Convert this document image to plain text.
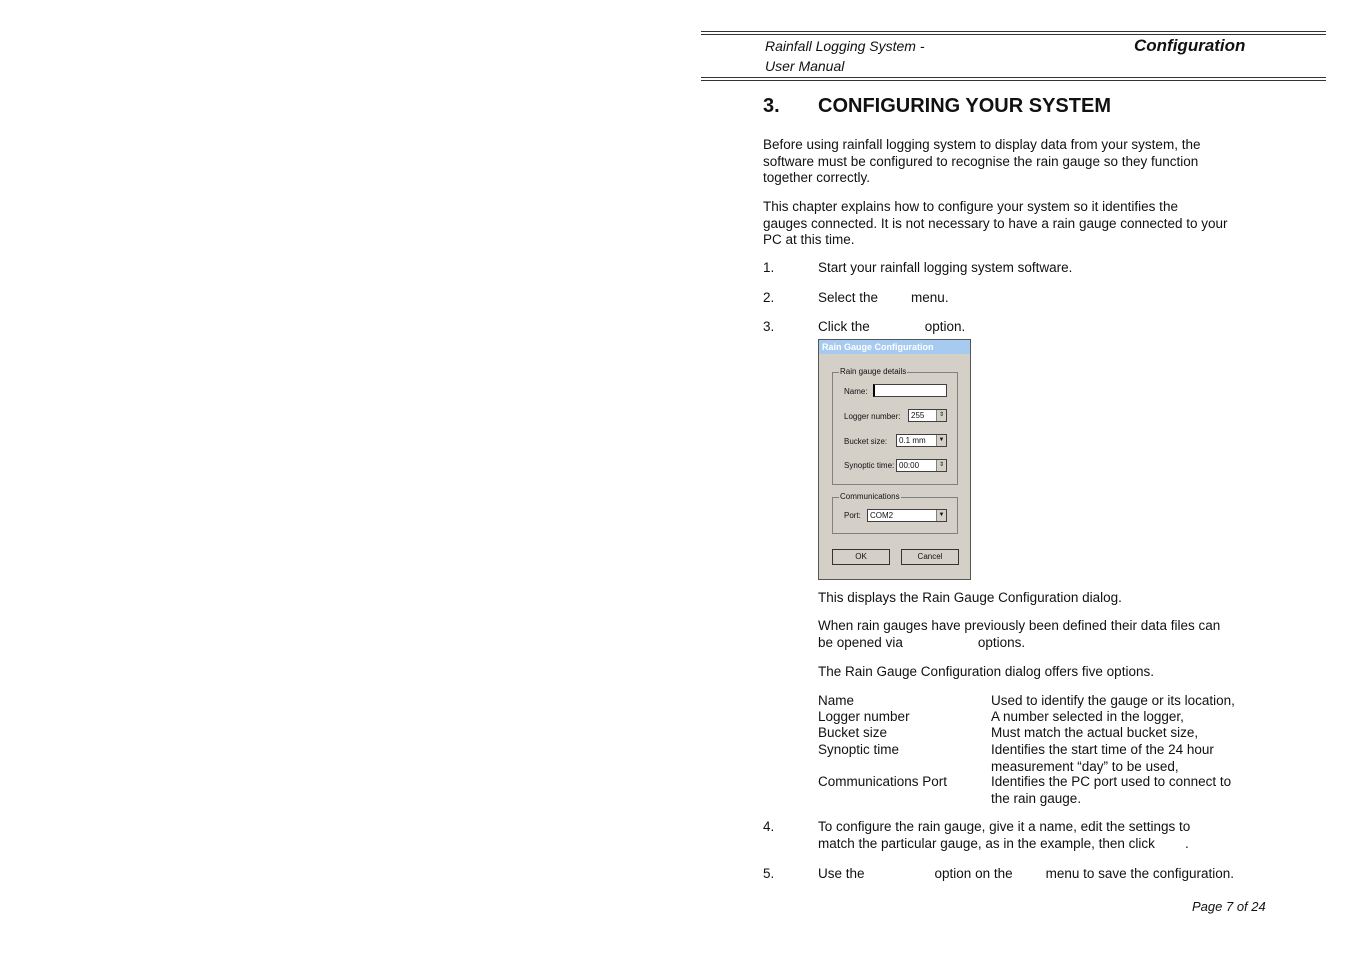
Rainfall Logging System -
User Manual
Configuration
3. CONFIGURING YOUR SYSTEM
Before using rainfall logging system to display data from your system, the
software must be configured to recognise the rain gauge so they function
together correctly.
This chapter explains how to configure your system so it identifies the
gauges connected. It is not necessary to have a rain gauge connected to your
PC at this time.
1.	Start your rainfall logging system software.
2.	Select the menu.
3.	Click the	option.
Rain Gauge Configuration
Rain gauge details
Name:
Logger number:	255	⇕
Bucket size:	0.1 mm	▼
Synoptic time: 00:00	⇕
Communications
Port:	COM2	▼
OK	Cancel
This displays the Rain Gauge Configuration dialog.
When rain gauges have previously been defined their data files can
be opened via	options.
The Rain Gauge Configuration dialog offers five options.
Name	Used to identify the gauge or its location,
Logger number	A number selected in the logger,
Bucket size	Must match the actual bucket size,
Synoptic time	Identifies the start time of the 24 hour
measurement “day” to be used,
Communications Port	Identifies the PC port used to connect to
the rain gauge.
4.	To configure the rain gauge, give it a name, edit the settings to
match the particular gauge, as in the example, then click .
5.	Use the	option on the menu to save the configuration.
Page 7 of 24
